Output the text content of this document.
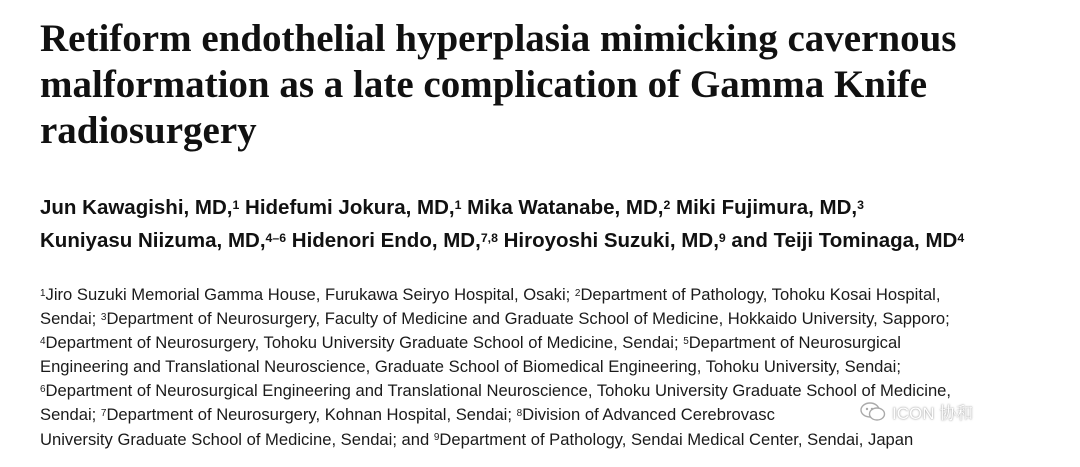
Retiform endothelial hyperplasia mimicking cavernous
malformation as a late complication of Gamma Knife
radiosurgery
Jun Kawagishi, MD,$^1$ Hidefumi Jokura, MD,$^1$ Mika Watanabe, MD,$^2$ Miki Fujimura, MD,$^3$
Kuniyasu Niizuma, MD,$^{4-6}$ Hidenori Endo, MD,$^{7,8}$ Hiroyoshi Suzuki, MD,$^9$ and Teiji Tominaga, $MD^4$
$^1$Jiro Suzuki Memorial Gamma House, Furukawa Seiryo Hospital, Osaki; $^2$Department of Pathology, Tohoku Kosai Hospital,
Sendai; $^3$Department of Neurosurgery, Faculty of Medicine and Graduate School of Medicine, Hokkaido University, Sapporo;
$^4$Department of Neurosurgery, Tohoku University Graduate School of Medicine, Sendai; $^5$Department of Neurosurgical
Engineering and Translational Neuroscience, Graduate School of Biomedical Engineering, Tohoku University, Sendai;
$^6$Department of Neurosurgical Engineering and Translational Neuroscience, Tohoku University Graduate School of Medicine,
Sendai; $^7$Department of Neurosurgery, Kohnan Hospital, Sendai; $^8$Division of Advanced Cerebrovasc
University Graduate School of Medicine, Sendai; and $^9$Department of Pathology, Sendai Medical Center, Sendai, Japan
ICON 协和
